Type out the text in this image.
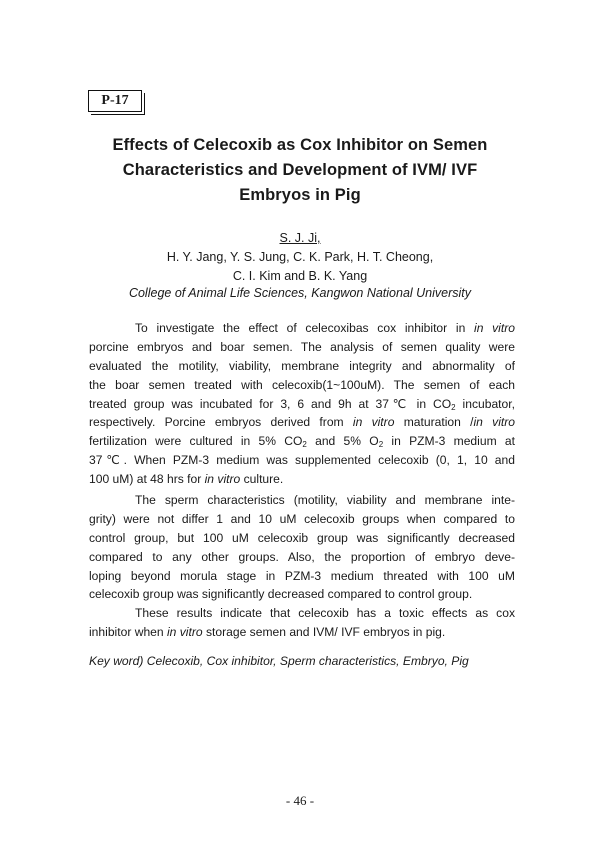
P-17
Effects of Celecoxib as Cox Inhibitor on Semen
Characteristics and Development of IVM/ IVF
Embryos in Pig
S. J. Ji,
H. Y. Jang, Y. S. Jung, C. K. Park, H. T. Cheong,
C. I. Kim and B. K. Yang
College of Animal Life Sciences, Kangwon National University
To investigate the effect of celecoxibas cox inhibitor in in vitro
porcine embryos and boar semen. The analysis of semen quality were
evaluated the motility, viability, membrane integrity and abnormality of
the boar semen treated with celecoxib(1~100uM). The semen of each
treated group was incubated for 3, 6 and 9h at 37℃ in $CO_2$ incubator,
respectively. Porcine embryos derived from in vitro maturation /in vitro
fertilization were cultured in 5% $CO_2$ and 5% $O_2$ in PZM-3 medium at
37℃. When PZM-3 medium was supplemented celecoxib (0, 1, 10 and
100 uM) at 48 hrs for in vitro culture.
The sperm characteristics (motility, viability and membrane inte-
grity) were not differ 1 and 10 uM celecoxib groups when compared to
control group, but 100 uM celecoxib group was significantly decreased
compared to any other groups. Also, the proportion of embryo deve-
loping beyond morula stage in PZM-3 medium threated with 100 uM
celecoxib group was significantly decreased compared to control group.
These results indicate that celecoxib has a toxic effects as cox
inhibitor when in vitro storage semen and IVM/ IVF embryos in pig.
Key word) Celecoxib, Cox inhibitor, Sperm characteristics, Embryo, Pig
- 46 -
